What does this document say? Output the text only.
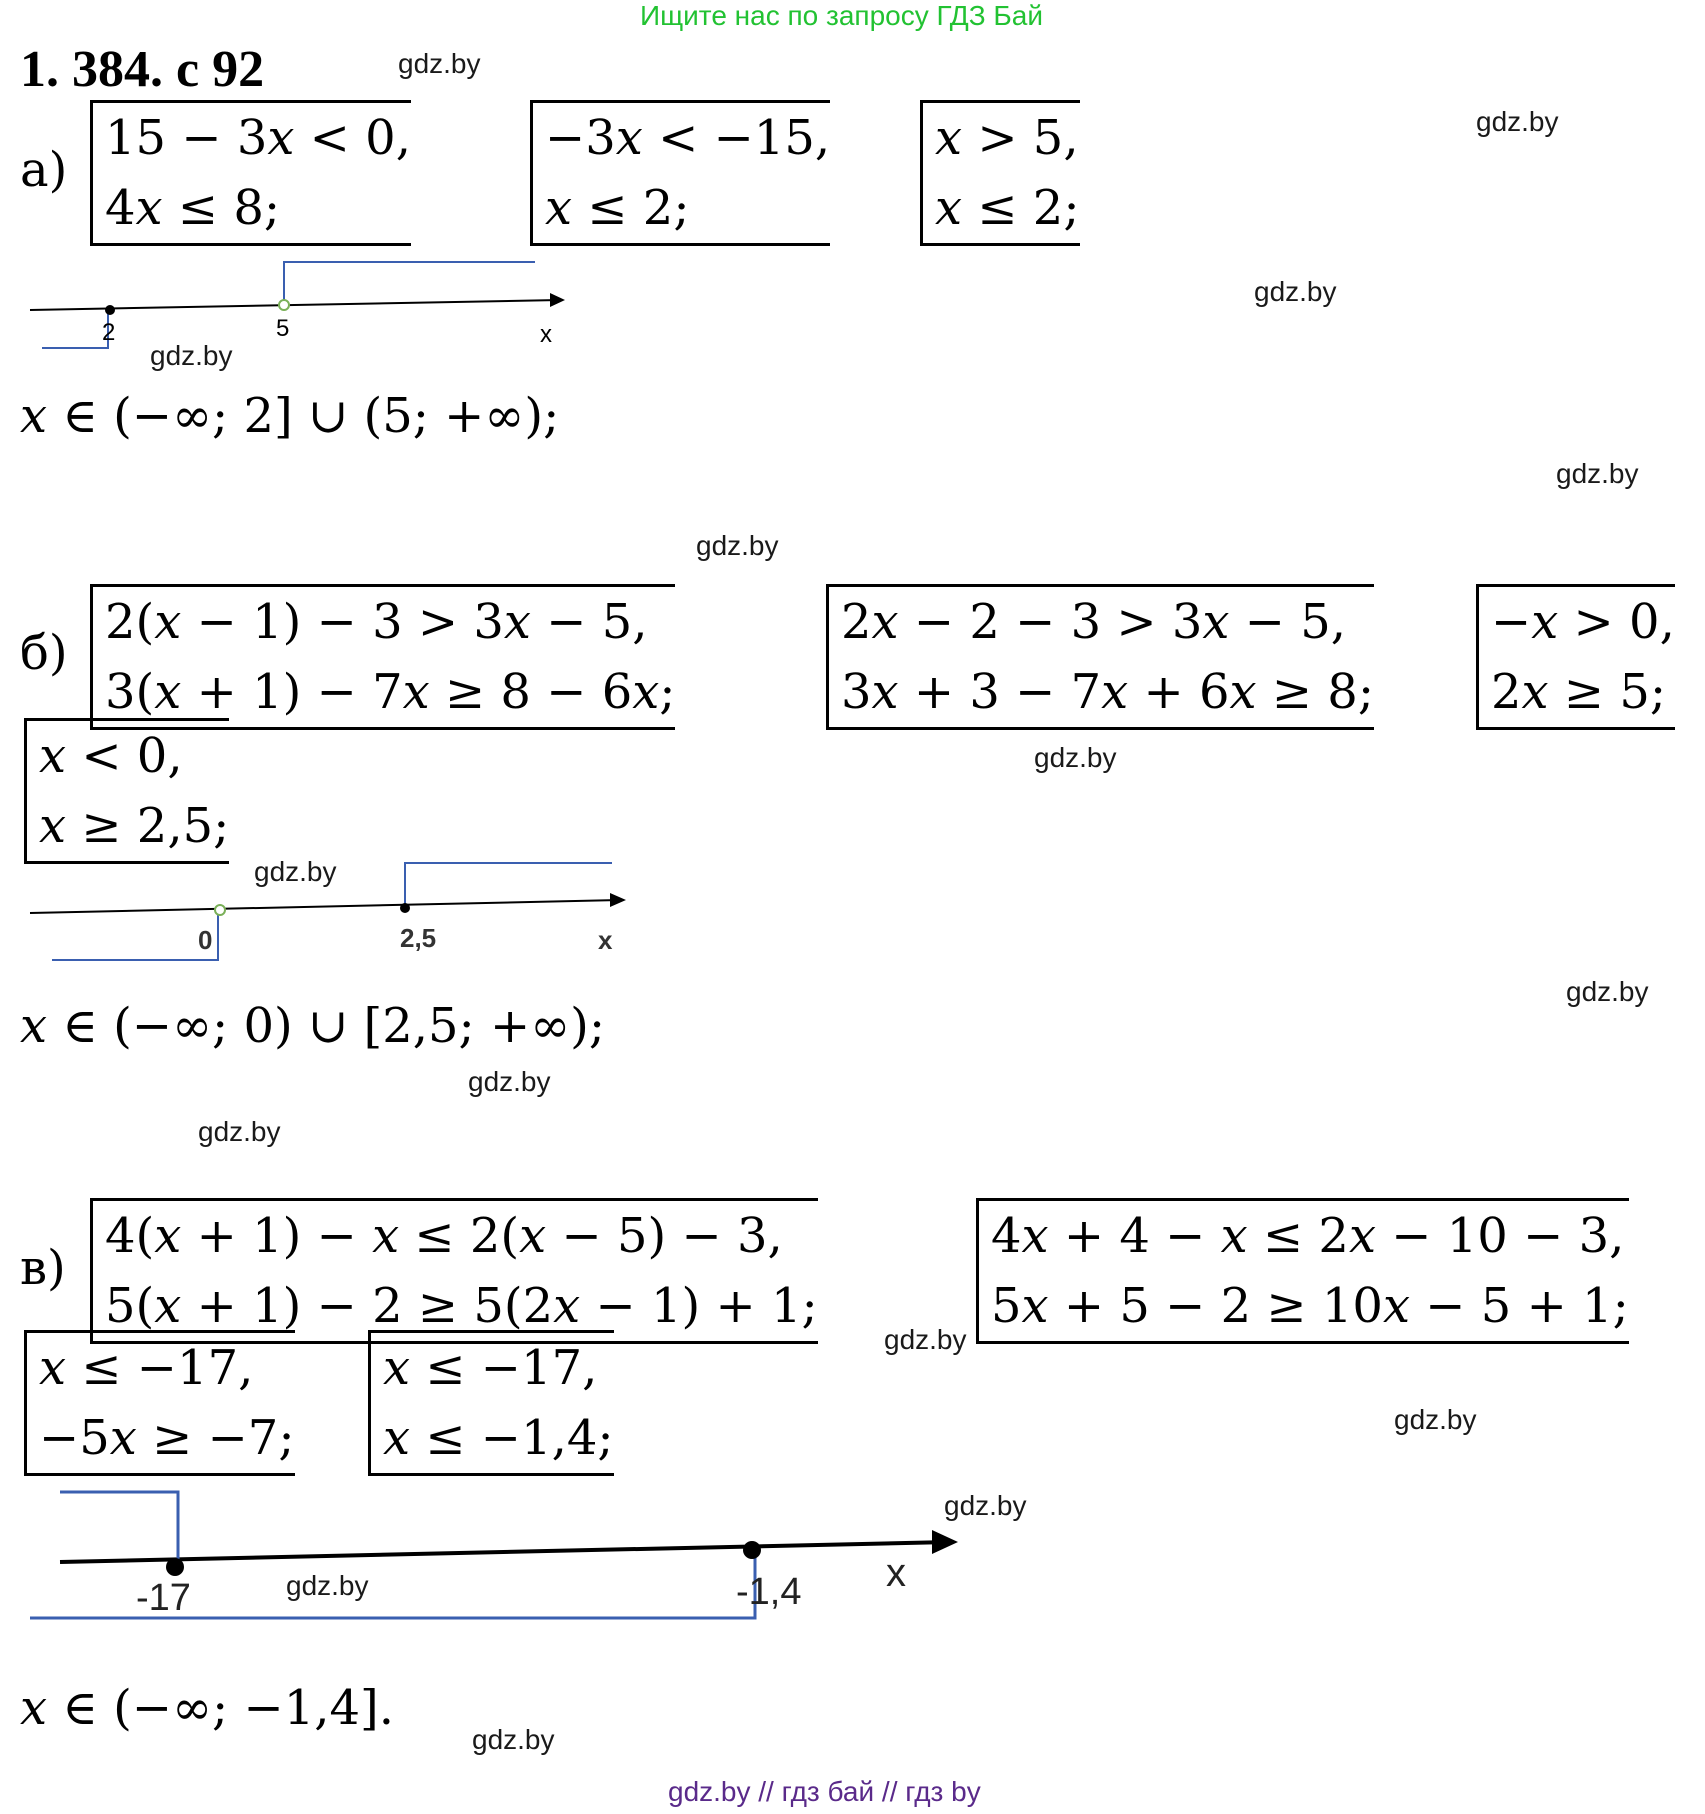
Ищите нас по запросу ГДЗ Бай
1. 384. с 92	gdz.by
gdz.by
gdz.by
gdz.by
gdz.by
gdz.by
gdz.by
gdz.by
gdz.by
gdz.by
gdz.by
gdz.by
gdz.by
gdz.by
gdz.by
gdz.by
а)
15 − 3𝑥 < 0,
4𝑥 ≤ 8;
−3𝑥 < −15,
𝑥 ≤ 2;
𝑥 > 5,
𝑥 ≤ 2;
2	5	x
𝑥 ∈ (−∞; 2] ∪ (5; +∞);
б)
2(𝑥 − 1) − 3 > 3𝑥 − 5,
3(𝑥 + 1) − 7𝑥 ≥ 8 − 6𝑥;
2𝑥 − 2 − 3 > 3𝑥 − 5,
3𝑥 + 3 − 7𝑥 + 6𝑥 ≥ 8;
−𝑥 > 0,
2𝑥 ≥ 5;
𝑥 < 0,
𝑥 ≥ 2,5;
0	2,5	x
𝑥 ∈ (−∞; 0) ∪ [2,5; +∞);
в)
4(𝑥 + 1) − 𝑥 ≤ 2(𝑥 − 5) − 3,
5(𝑥 + 1) − 2 ≥ 5(2𝑥 − 1) + 1;
4𝑥 + 4 − 𝑥 ≤ 2𝑥 − 10 − 3,
5𝑥 + 5 − 2 ≥ 10𝑥 − 5 + 1;
𝑥 ≤ −17,
−5𝑥 ≥ −7;
𝑥 ≤ −17,
𝑥 ≤ −1,4;
-17	-1,4 x
𝑥 ∈ (−∞; −1,4].
gdz.by // гдз бай // гдз by
